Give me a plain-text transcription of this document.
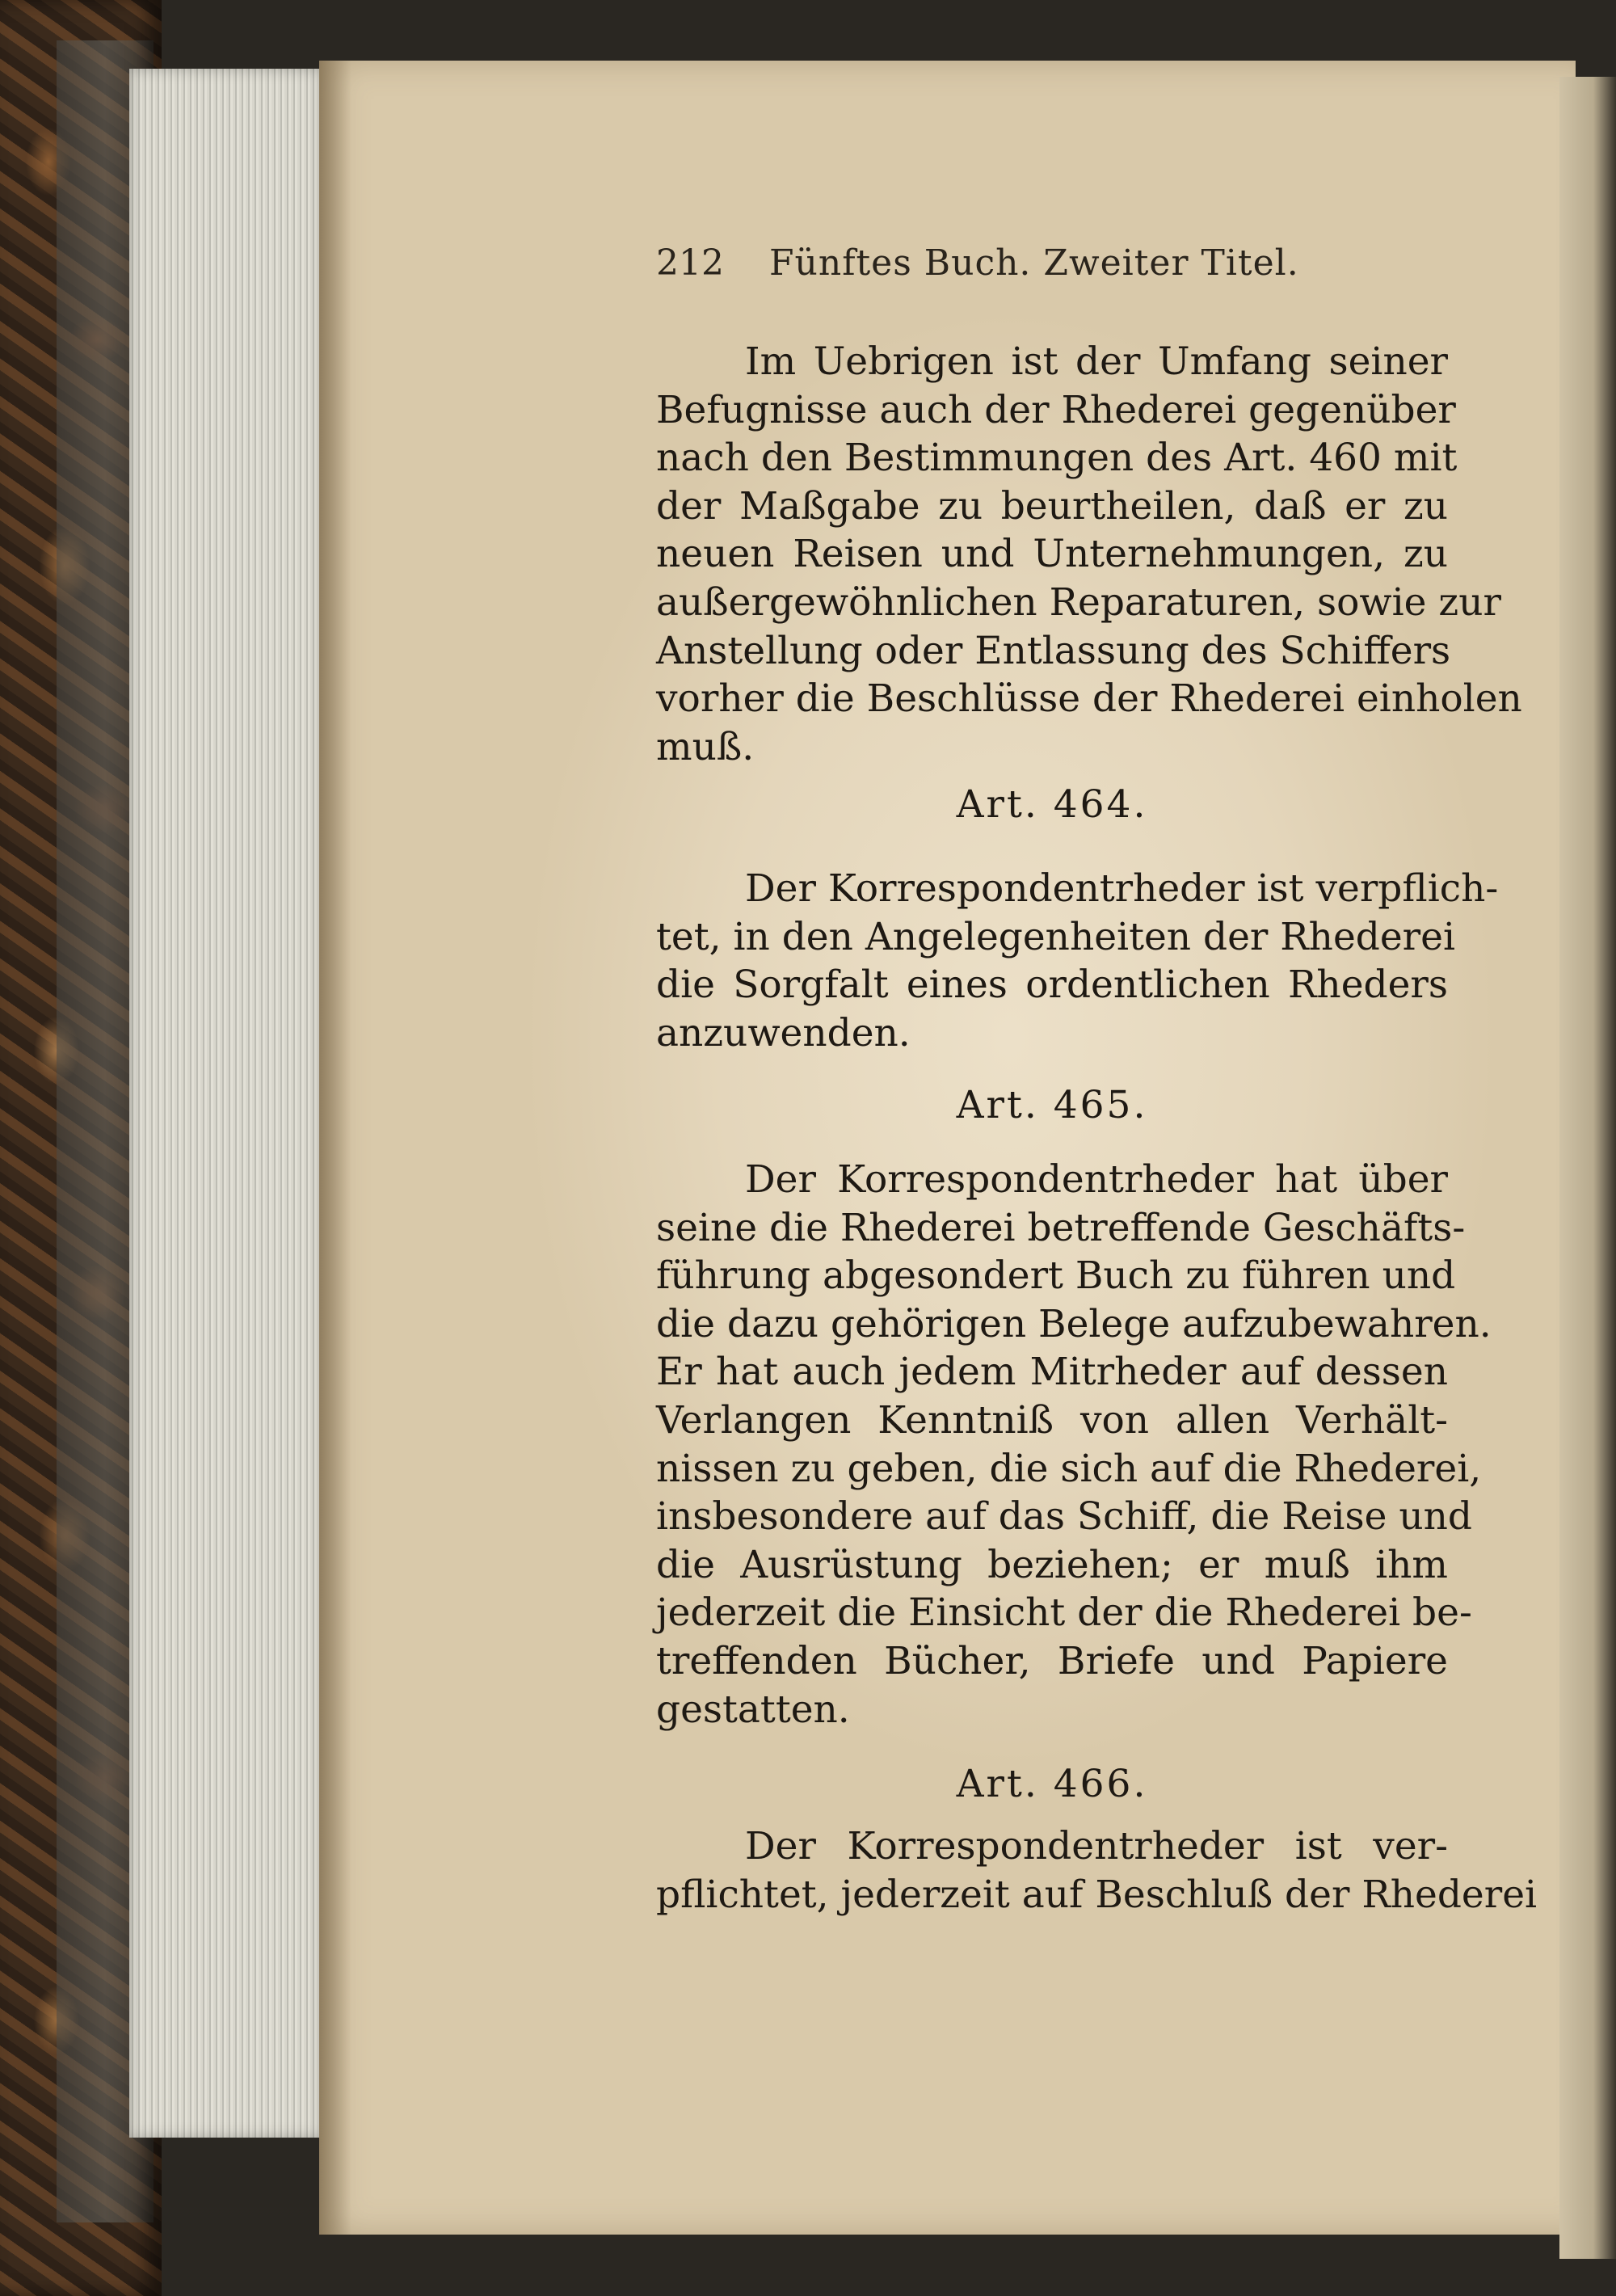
212	Fünftes Buch. Zweiter Titel.
Im Uebrigen ist der Umfang seiner
Befugnisse auch der Rhederei gegenüber
nach den Bestimmungen des Art. 460 mit
der Maßgabe zu beurtheilen, daß er zu
neuen Reisen und Unternehmungen, zu
außergewöhnlichen Reparaturen, sowie zur
Anstellung oder Entlassung des Schiffers
vorher die Beschlüsse der Rhederei einholen
muß.
Art. 464.
Der Korrespondentrheder ist verpflich-
tet, in den Angelegenheiten der Rhederei
die Sorgfalt eines ordentlichen Rheders
anzuwenden.
Art. 465.
Der Korrespondentrheder hat über
seine die Rhederei betreffende Geschäfts-
führung abgesondert Buch zu führen und
die dazu gehörigen Belege aufzubewahren.
Er hat auch jedem Mitrheder auf dessen
Verlangen Kenntniß von allen Verhält-
nissen zu geben, die sich auf die Rhederei,
insbesondere auf das Schiff, die Reise und
die Ausrüstung beziehen; er muß ihm
jederzeit die Einsicht der die Rhederei be-
treffenden Bücher, Briefe und Papiere
gestatten.
Art. 466.
Der Korrespondentrheder ist ver-
pflichtet, jederzeit auf Beschluß der Rhederei
